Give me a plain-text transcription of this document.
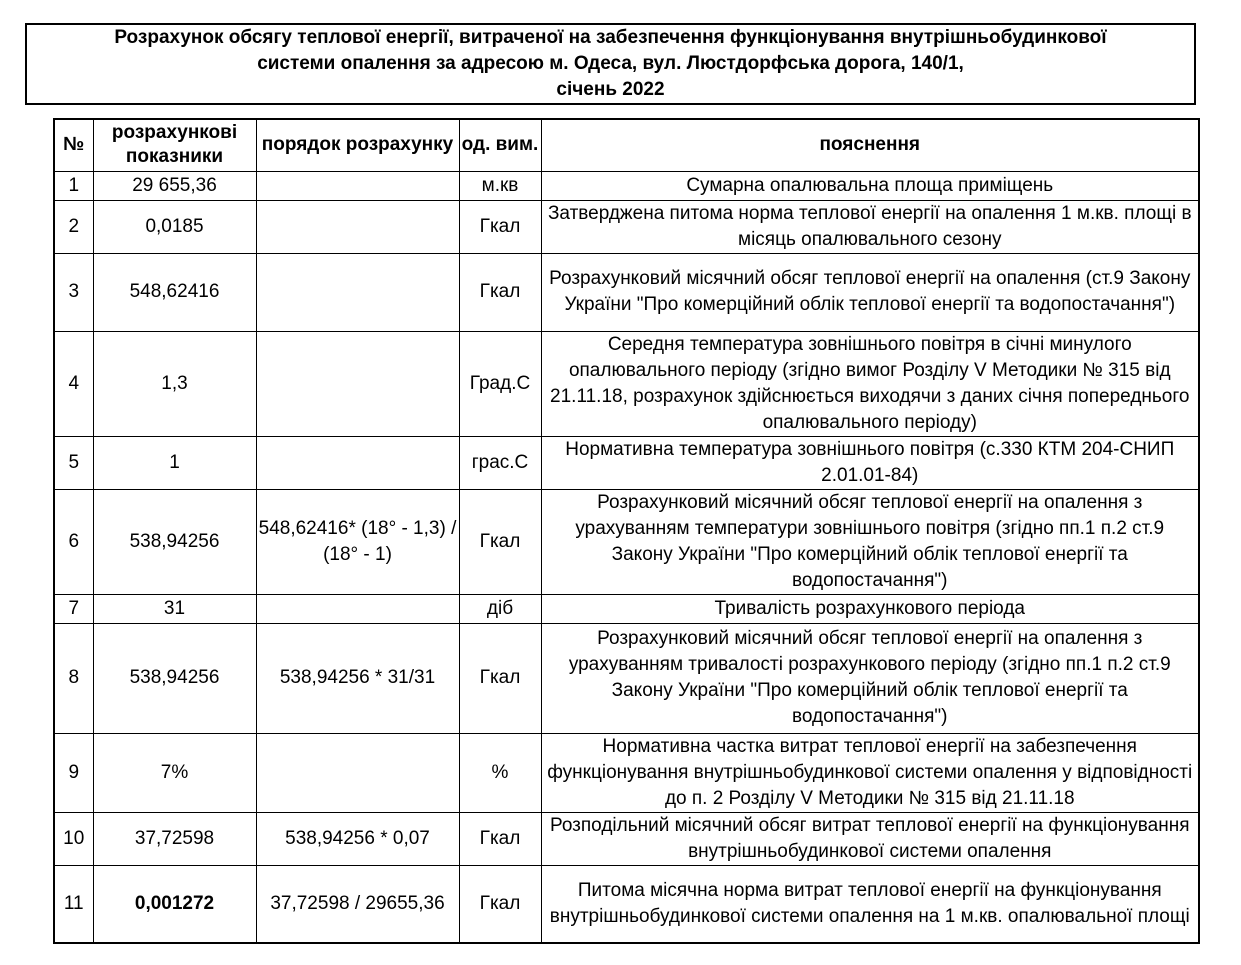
Розрахунок обсягу теплової енергії, витраченої на забезпечення функціонування внутрішньобудинкової
системи опалення за адресою м. Одеса, вул. Люстдорфська дорога, 140/1,
січень 2022
№	розрахункові показники	порядок розрахунку	од. вим.	пояснення
1	29 655,36		м.кв	Сумарна опалювальна площа приміщень
2	0,0185		Гкал	Затверджена питома норма теплової енергії на опалення 1 м.кв. площі в місяць опалювального сезону
3	548,62416		Гкал	Розрахунковий місячний обсяг теплової енергії на опалення (ст.9 Закону України "Про комерційний облік теплової енергії та водопостачання")
4	1,3		Град.С	Середня температура зовнішнього повітря в січні минулого опалювального періоду (згідно вимог Розділу V Методики № 315 від 21.11.18, розрахунок здійснюється виходячи з даних січня попереднього опалювального періоду)
5	1		грас.С	Нормативна температура зовнішнього повітря (с.330 КТМ 204-СНИП 2.01.01-84)
6	538,94256	548,62416* (18° - 1,3) / (18° - 1)	Гкал	Розрахунковий місячний обсяг теплової енергії на опалення з урахуванням температури зовнішнього повітря (згідно пп.1 п.2 ст.9 Закону України "Про комерційний облік теплової енергії та водопостачання")
7	31		діб	Тривалість розрахункового періода
8	538,94256	538,94256 * 31/31	Гкал	Розрахунковий місячний обсяг теплової енергії на опалення з урахуванням тривалості розрахункового періоду (згідно пп.1 п.2 ст.9 Закону України "Про комерційний облік теплової енергії та водопостачання")
9	7%		%	Нормативна частка витрат теплової енергії на забезпечення функціонування внутрішньобудинкової системи опалення у відповідності до п. 2 Розділу V Методики № 315 від 21.11.18
10	37,72598	538,94256 * 0,07	Гкал	Розподільний місячний обсяг витрат теплової енергії на функціонування внутрішньобудинкової системи опалення
11	0,001272	37,72598 / 29655,36	Гкал	Питома місячна норма витрат теплової енергії на функціонування внутрішньобудинкової системи опалення на 1 м.кв. опалювальної площі
